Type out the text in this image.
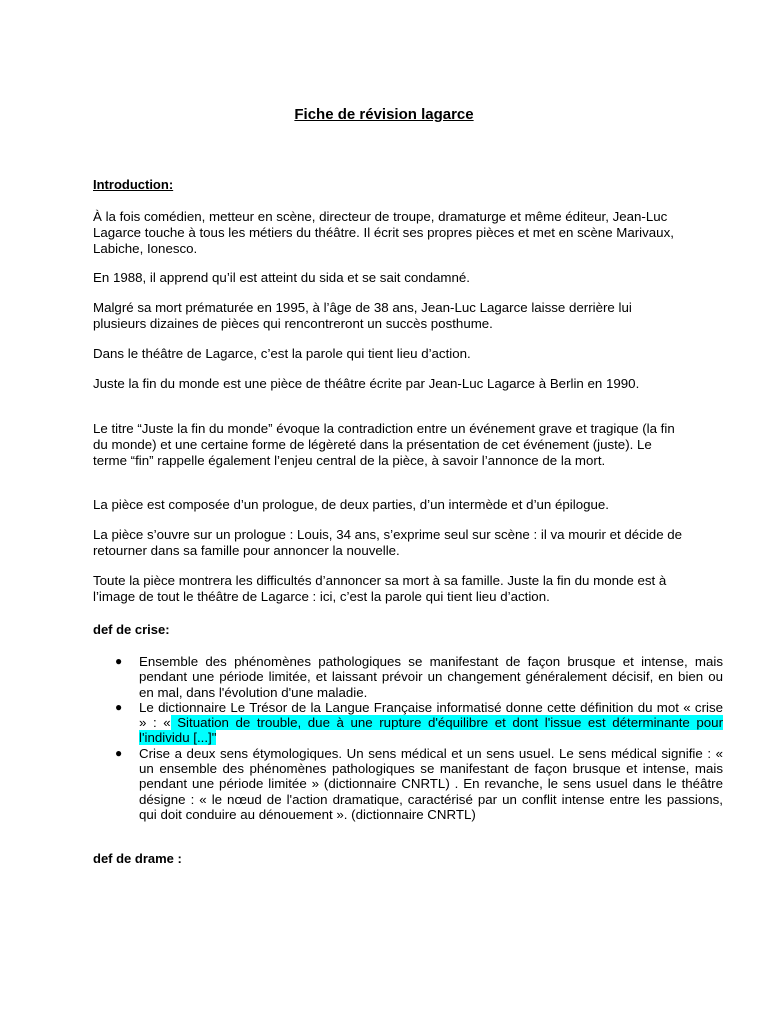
Fiche de révision lagarce
Introduction:

À la fois comédien, metteur en scène, directeur de troupe, dramaturge et même éditeur, Jean-Luc Lagarce touche à tous les métiers du théâtre. Il écrit ses propres pièces et met en scène Marivaux, Labiche, Ionesco.

En 1988, il apprend qu’il est atteint du sida et se sait condamné.

Malgré sa mort prématurée en 1995, à l’âge de 38 ans, Jean-Luc Lagarce laisse derrière lui plusieurs dizaines de pièces qui rencontreront un succès posthume.

Dans le théâtre de Lagarce, c’est la parole qui tient lieu d’action.

Juste la fin du monde est une pièce de théâtre écrite par Jean-Luc Lagarce à Berlin en 1990.

Le titre “Juste la fin du monde” évoque la contradiction entre un événement grave et tragique (la fin du monde) et une certaine forme de légèreté dans la présentation de cet événement (juste). Le terme “fin” rappelle également l’enjeu central de la pièce, à savoir l’annonce de la mort.

La pièce est composée d’un prologue, de deux parties, d’un intermède et d’un épilogue.

La pièce s’ouvre sur un prologue : Louis, 34 ans, s’exprime seul sur scène : il va mourir et décide de retourner dans sa famille pour annoncer la nouvelle.

Toute la pièce montrera les difficultés d’annoncer sa mort à sa famille. Juste la fin du monde est à l’image de tout le théâtre de Lagarce : ici, c’est la parole qui tient lieu d’action.

def de crise:
● Ensemble des phénomènes pathologiques se manifestant de façon brusque et intense, mais pendant une période limitée, et laissant prévoir un changement généralement décisif, en bien ou en mal, dans l'évolution d'une maladie.
● Le dictionnaire Le Trésor de la Langue Française informatisé donne cette définition du mot « crise » : « Situation de trouble, due à une rupture d'équilibre et dont l'issue est déterminante pour l'individu [...]"
● Crise a deux sens étymologiques. Un sens médical et un sens usuel. Le sens médical signifie : « un ensemble des phénomènes pathologiques se manifestant de façon brusque et intense, mais pendant une période limitée » (dictionnaire CNRTL) . En revanche, le sens usuel dans le théâtre désigne : « le nœud de l'action dramatique, caractérisé par un conflit intense entre les passions, qui doit conduire au dénouement ». (dictionnaire CNRTL)
def de drame :
